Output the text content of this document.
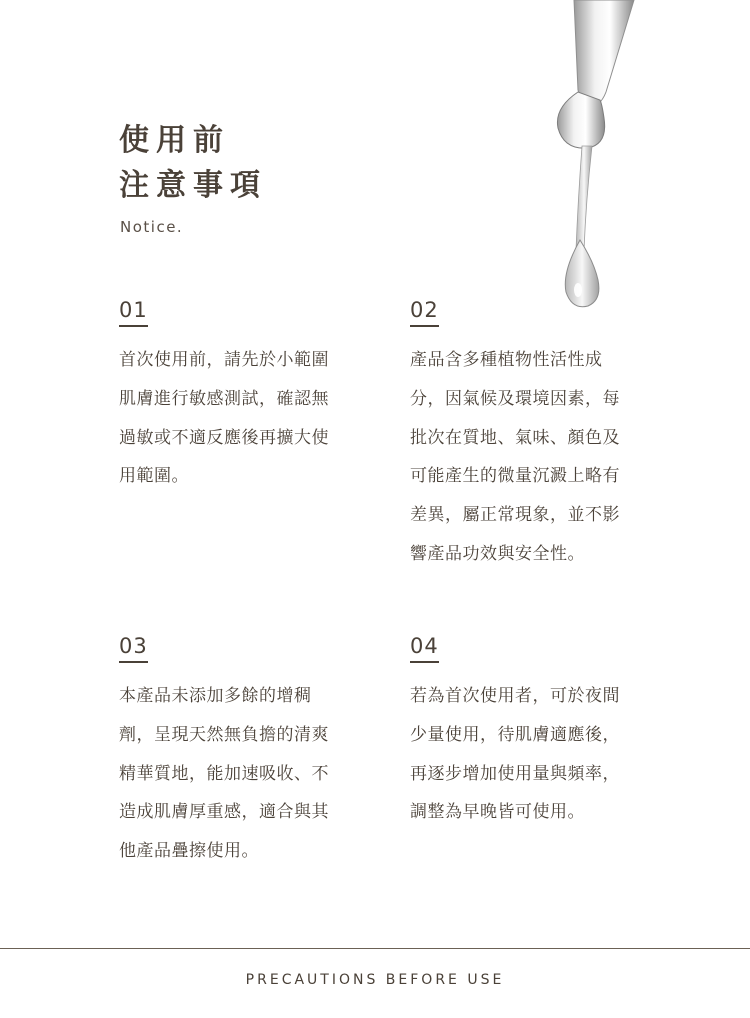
使用前
注意事項
Notice.
01
首次使用前，請先於小範圍肌膚進行敏感測試，確認無過敏或不適反應後再擴大使用範圍。
02
產品含多種植物性活性成分，因氣候及環境因素，每批次在質地、氣味、顏色及可能產生的微量沉澱上略有差異，屬正常現象，並不影響產品功效與安全性。
03
本產品未添加多餘的增稠劑，呈現天然無負擔的清爽精華質地，能加速吸收、不造成肌膚厚重感，適合與其他產品疊擦使用。
04
若為首次使用者，可於夜間少量使用，待肌膚適應後，再逐步增加使用量與頻率，調整為早晚皆可使用。
PRECAUTIONS BEFORE USE
